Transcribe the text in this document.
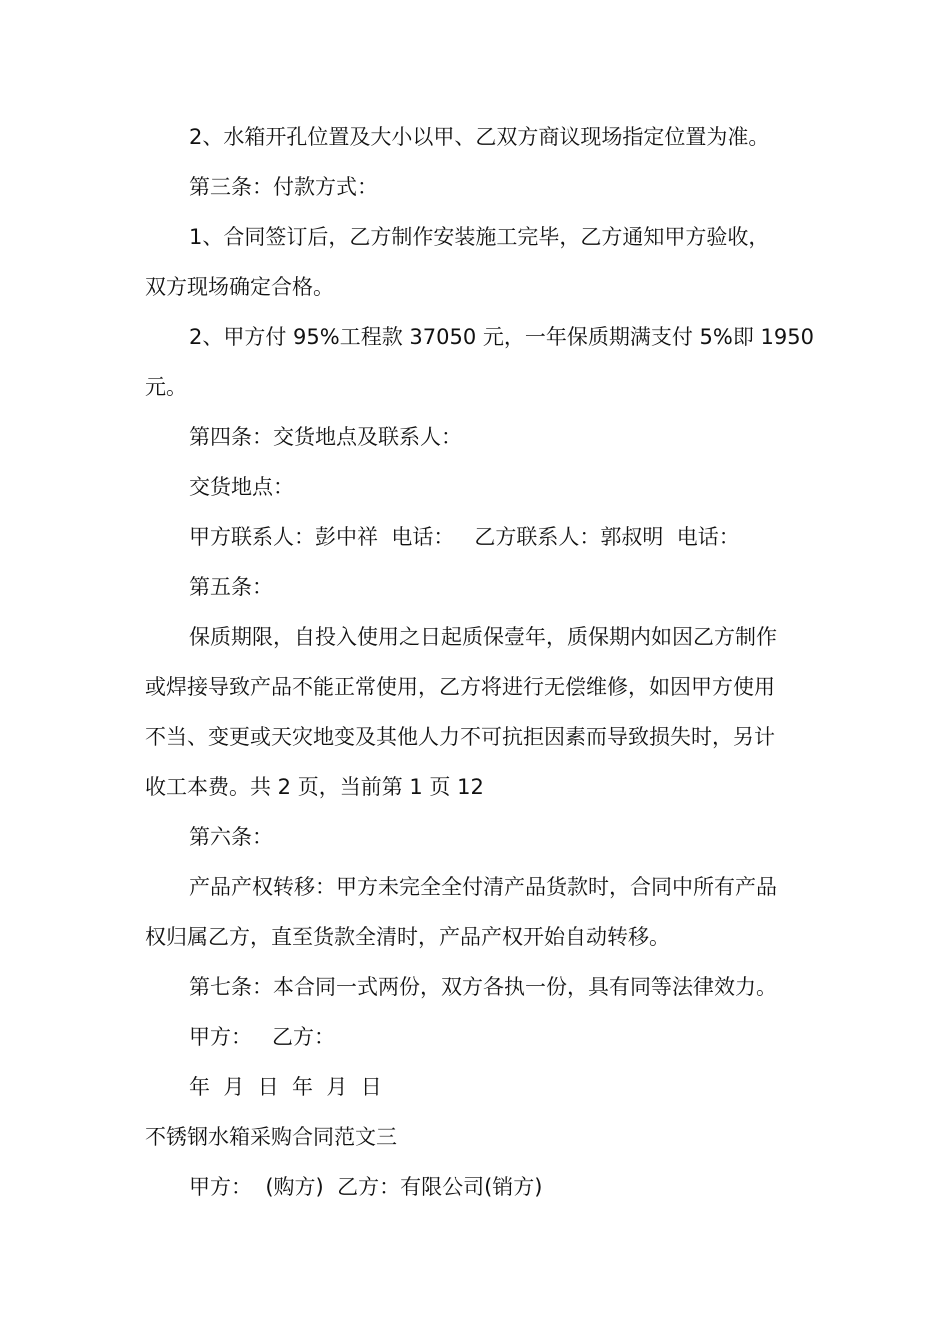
2、水箱开孔位置及大小以甲、乙双方商议现场指定位置为准。
第三条：付款方式：
1、合同签订后，乙方制作安装施工完毕，乙方通知甲方验收，
双方现场确定合格。
2、甲方付 95%工程款 37050 元，一年保质期满支付 5%即 1950
元。
第四条：交货地点及联系人：
交货地点：
甲方联系人：彭中祥  电话：   乙方联系人：郭叔明  电话：
第五条：
保质期限，自投入使用之日起质保壹年，质保期内如因乙方制作
或焊接导致产品不能正常使用，乙方将进行无偿维修，如因甲方使用
不当、变更或天灾地变及其他人力不可抗拒因素而导致损失时，另计
收工本费。共 2 页，当前第 1 页 12
第六条：
产品产权转移：甲方未完全全付清产品货款时，合同中所有产品
权归属乙方，直至货款全清时，产品产权开始自动转移。
第七条：本合同一式两份，双方各执一份，具有同等法律效力。
甲方：   乙方：
年  月  日  年  月  日
不锈钢水箱采购合同范文三
甲方：  (购方)  乙方：有限公司(销方)
